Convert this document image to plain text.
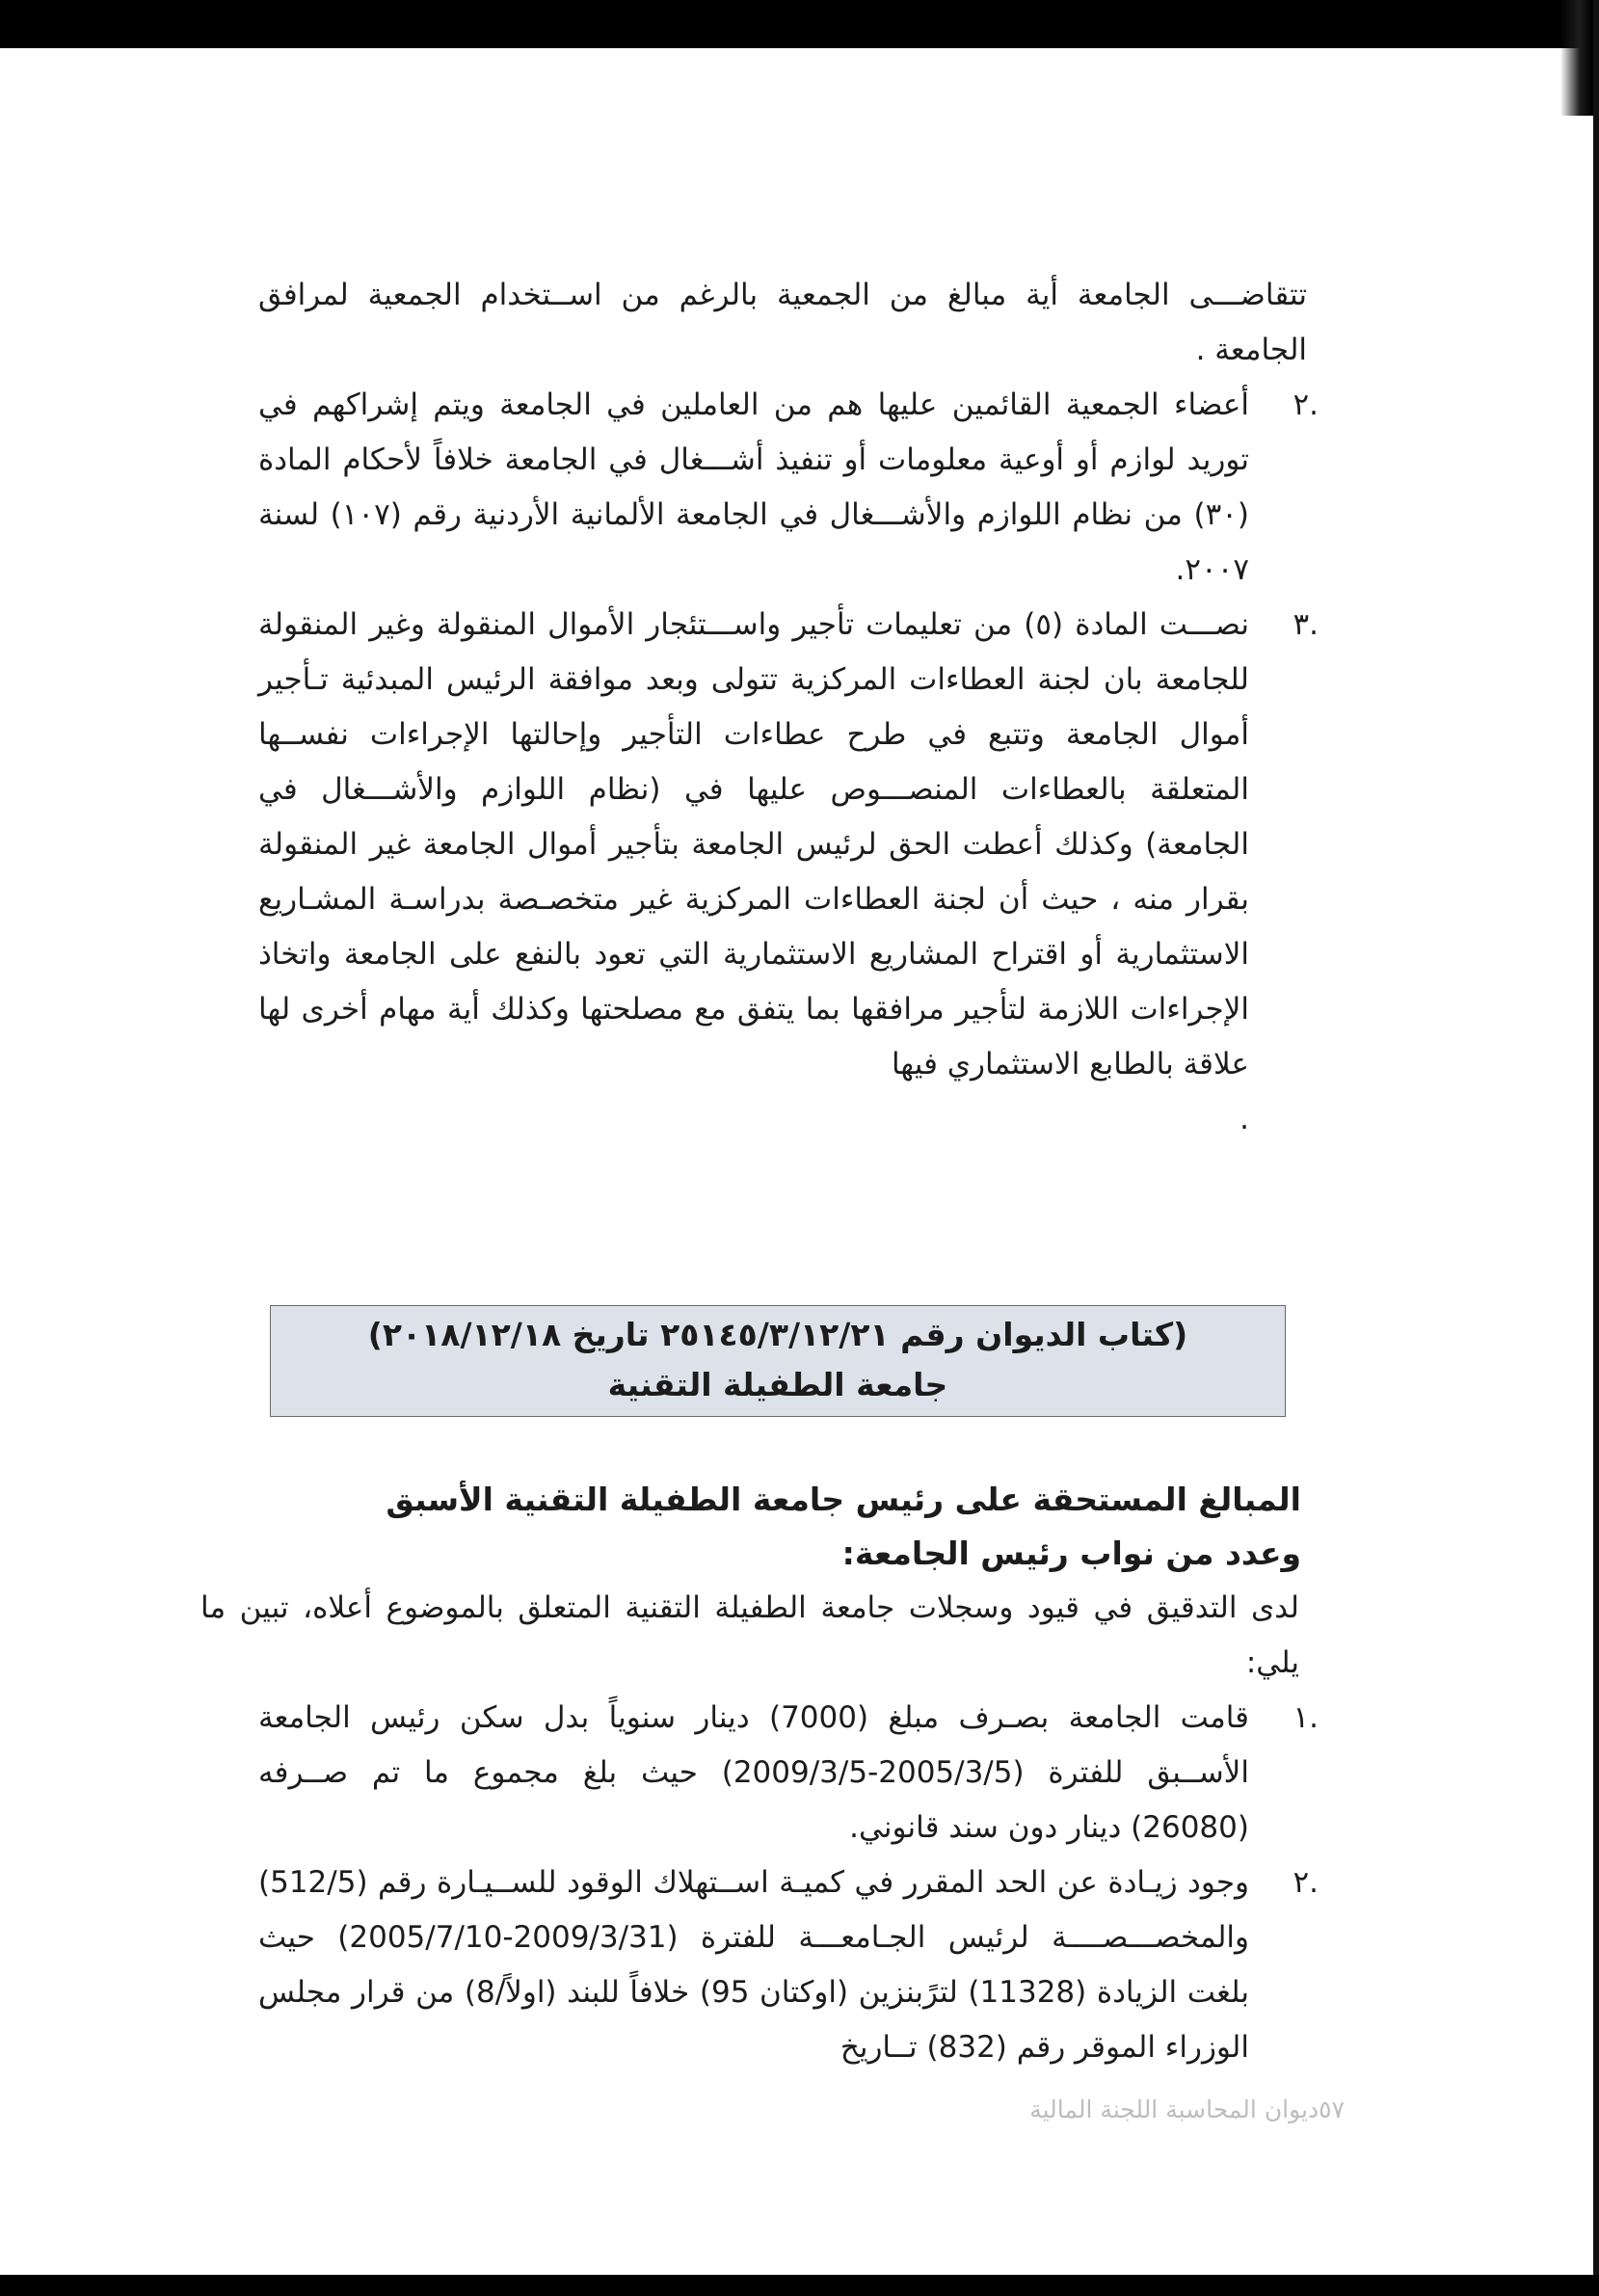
تتقاضـــى الجامعة أية مبالغ من الجمعية بالرغم من اســتخدام الجمعية لمرافق الجامعة .
.٢
أعضاء الجمعية القائمين عليها هم من العاملين في الجامعة ويتم إشراكهم في توريد لوازم أو أوعية معلومات أو تنفيذ أشـــغال في الجامعة خلافاً لأحكام المادة (٣٠) من نظام اللوازم والأشـــغال في الجامعة الألمانية الأردنية رقم (١٠٧) لسنة ٢٠٠٧.
.٣
نصـــت المادة (٥) من تعليمات تأجير واســـتئجار الأموال المنقولة وغير المنقولة للجامعة بان لجنة العطاءات المركزية تتولى وبعد موافقة الرئيس المبدئية تـأجير أموال الجامعة وتتبع في طرح عطاءات التأجير وإحالتها الإجراءات نفســها المتعلقة بالعطاءات المنصـــوص عليها في (نظام اللوازم والأشـــغال في الجامعة) وكذلك أعطت الحق لرئيس الجامعة بتأجير أموال الجامعة غير المنقولة بقرار منه ، حيث أن لجنة العطاءات المركزية غير متخصـصة بدراسـة المشـاريع الاستثمارية أو اقتراح المشاريع الاستثمارية التي تعود بالنفع على الجامعة واتخاذ الإجراءات اللازمة لتأجير مرافقها بما يتفق مع مصلحتها وكذلك أية مهام أخرى لها علاقة بالطابع الاستثماري فيها
.
(كتاب الديوان رقم ٢٥١٤٥/٣/١٢/٢١ تاريخ ٢٠١٨/١٢/١٨)
جامعة الطفيلة التقنية
المبالغ المستحقة على رئيس جامعة الطفيلة التقنية الأسبق وعدد من نواب رئيس الجامعة:
لدى التدقيق في قيود وسجلات جامعة الطفيلة التقنية المتعلق بالموضوع أعلاه، تبين ما يلي:
.١
قامت الجامعة بصـرف مبلغ (7000) دينار سنوياً بدل سكن رئيس الجامعة الأســبق للفترة (2005/3/5-2009/3/5) حيث بلغ مجموع ما تم صــرفه (26080) دينار دون سند قانوني.
.٢
وجود زيـادة عن الحد المقرر في كميـة اســتهلاك الوقود للســيـارة رقم (512/5) والمخصـــصــــة لرئيس الجـامعـــة للفترة (2009/3/31-2005/7/10) حيث بلغت الزيادة (11328) لترًبنزين (اوكتان 95) خلافاً للبند (اولاً/8) من قرار مجلس الوزراء الموقر رقم (832) تــاريخ
٥٧ديوان المحاسبة اللجنة المالية
